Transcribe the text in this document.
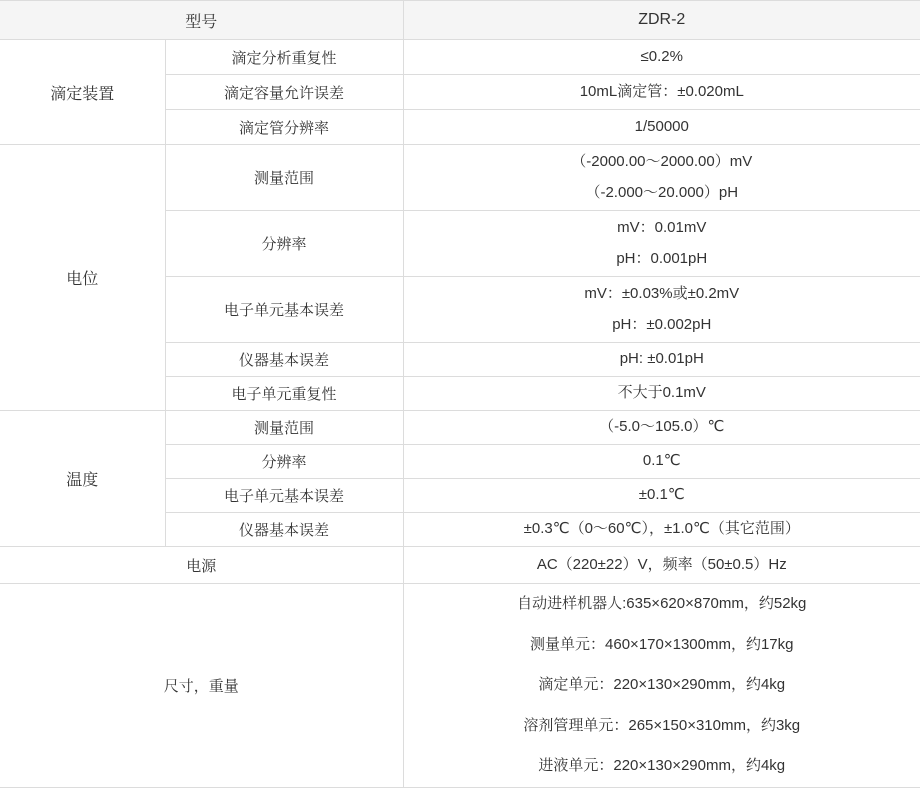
型号		ZDR-2
滴定装置	滴定分析重复性	≤0.2%
	滴定容量允许误差	10mL滴定管：±0.020mL
	滴定管分辨率	1/50000
电位	测量范围	（-2000.00～2000.00）mV
（-2.000～20.000）pH

	分辨率	mV：0.01mV
pH：0.001pH

	电子单元基本误差	mV：±0.03%或±0.2mV
pH：±0.002pH

	仪器基本误差	pH: ±0.01pH
	电子单元重复性	不大于0.1mV
温度	测量范围	（-5.0～105.0）℃
	分辨率	0.1℃
	电子单元基本误差	±0.1℃
	仪器基本误差	±0.3℃（0～60℃），±1.0℃（其它范围）
电源		AC（220±22）V，频率（50±0.5）Hz
尺寸，重量		自动进样机器人:635×620×870mm，约52kg
测量单元：460×170×1300mm，约17kg
滴定单元：220×130×290mm，约4kg
溶剂管理单元：265×150×310mm，约3kg
进液单元：220×130×290mm，约4kg
